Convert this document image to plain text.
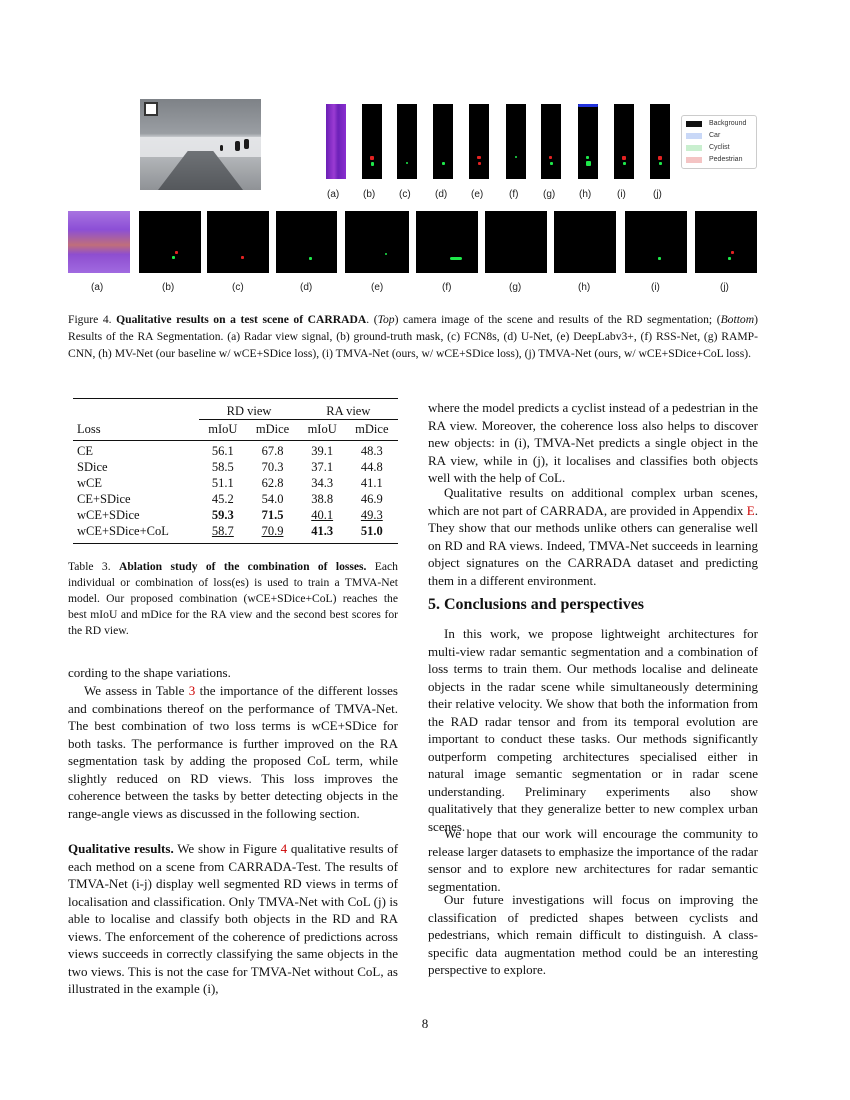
(a) (b) (c) (d) (e)	(f) (g) (h)	(i)	(j)
Background
Car
Cyclist
Pedestrian
(a)	(b)	(c)	(d)	(e)	(f)	(g)	(h)	(i)	(j)
Figure 4. Qualitative results on a test scene of CARRADA. (Top) camera image of the scene and results of the RD segmentation; (Bottom) Results of the RA Segmentation. (a) Radar view signal, (b) ground-truth mask, (c) FCN8s, (d) U-Net, (e) DeepLabv3+, (f) RSS-Net, (g) RAMP-CNN, (h) MV-Net (our baseline w/ wCE+SDice loss), (i) TMVA-Net (ours, w/ wCE+SDice loss), (j) TMVA-Net (ours, w/ wCE+SDice+CoL loss).
	RD view		RA view	
Loss	mIoU	mDice	mIoU	mDice
CE	56.1	67.8	39.1	48.3
SDice	58.5	70.3	37.1	44.8
wCE	51.1	62.8	34.3	41.1
CE+SDice	45.2	54.0	38.8	46.9
wCE+SDice	59.3	71.5	40.1	49.3
wCE+SDice+CoL	58.7	70.9	41.3	51.0
Table 3. Ablation study of the combination of losses. Each individual or combination of loss(es) is used to train a TMVA-Net model. Our proposed combination (wCE+SDice+CoL) reaches the best mIoU and mDice for the RA view and the second best scores for the RD view.
cording to the shape variations.
We assess in Table 3 the importance of the different losses and combinations thereof on the performance of TMVA-Net. The best combination of two loss terms is wCE+SDice for both tasks. The performance is further improved on the RA segmentation task by adding the proposed CoL term, while slightly reduced on RD views. This loss improves the coherence between the tasks by better detecting objects in the range-angle views as discussed in the following section.
Qualitative results. We show in Figure 4 qualitative results of each method on a scene from CARRADA-Test. The results of TMVA-Net (i-j) display well segmented RD views in terms of localisation and classification. Only TMVA-Net with CoL (j) is able to localise and classify both objects in the RD and RA views. The enforcement of the coherence of predictions across views succeeds in correctly classifying the same objects in the two views. This is not the case for TMVA-Net without CoL, as illustrated in the example (i),
where the model predicts a cyclist instead of a pedestrian in the RA view. Moreover, the coherence loss also helps to discover new objects: in (i), TMVA-Net predicts a single object in the RA view, while in (j), it localises and classifies both objects well with the help of CoL.
Qualitative results on additional complex urban scenes, which are not part of CARRADA, are provided in Appendix E. They show that our methods unlike others can generalise well on RD and RA views. Indeed, TMVA-Net succeeds in learning object signatures on the CARRADA dataset and predicting them in a different environment.
5. Conclusions and perspectives
In this work, we propose lightweight architectures for multi-view radar semantic segmentation and a combination of loss terms to train them. Our methods localise and delineate objects in the radar scene while simultaneously determining their relative velocity. We show that both the information from the RAD radar tensor and from its temporal evolution are important to conduct these tasks. Our methods significantly outperform competing architectures specialised either in natural image semantic segmentation or in radar scene understanding. Preliminary experiments also show qualitatively that they generalize better to new complex urban scenes.
We hope that our work will encourage the community to release larger datasets to emphasize the importance of the radar sensor and to explore new architectures for radar semantic segmentation.
Our future investigations will focus on improving the classification of predicted shapes between cyclists and pedestrians, which remain difficult to distinguish. A class-specific data augmentation method could be an interesting perspective to explore.
8
